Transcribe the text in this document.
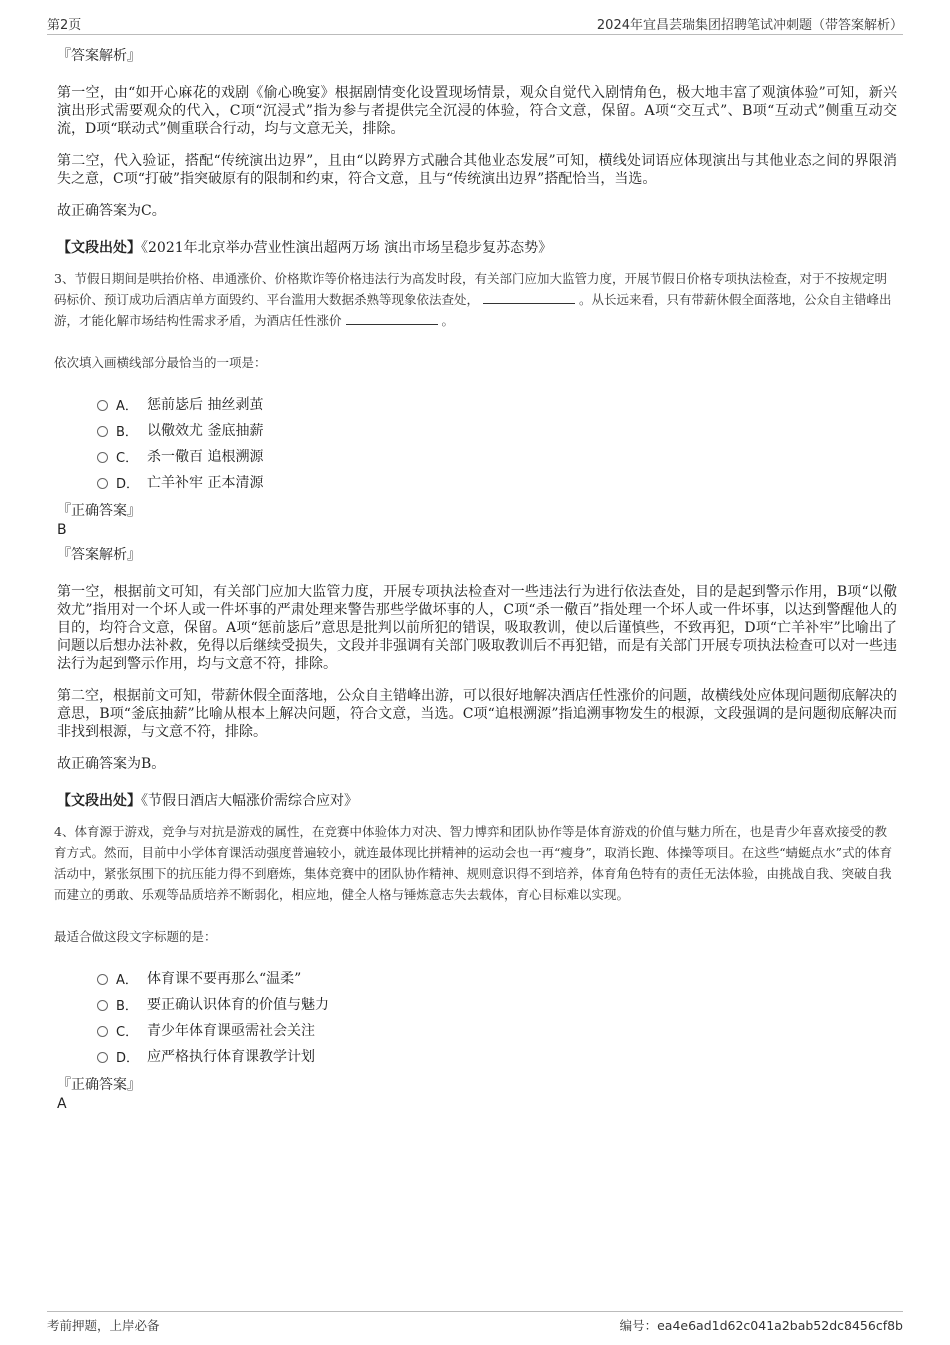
第2页	2024年宜昌芸瑞集团招聘笔试冲刺题（带答案解析）
『答案解析』

第一空，由“如开心麻花的戏剧《偷心晚宴》根据剧情变化设置现场情景，观众自觉代入剧情角色，极大地丰富了观演体验”可知，新兴演出形式需要观众的代入，C项“沉浸式”指为参与者提供完全沉浸的体验，符合文意，保留。A项“交互式”、B项“互动式”侧重互动交流，D项“联动式”侧重联合行动，均与文意无关，排除。

第二空，代入验证，搭配“传统演出边界”，且由“以跨界方式融合其他业态发展”可知，横线处词语应体现演出与其他业态之间的界限消失之意，C项“打破”指突破原有的限制和约束，符合文意，且与“传统演出边界”搭配恰当，当选。

故正确答案为C。

【文段出处】《2021年北京举办营业性演出超两万场 演出市场呈稳步复苏态势》
3、节假日期间是哄抬价格、串通涨价、价格欺诈等价格违法行为高发时段，有关部门应加大监管力度，开展节假日价格专项执法检查，对于不按规定明码标价、预订成功后酒店单方面毁约、平台滥用大数据杀熟等现象依法查处，	。从长远来看，只有带薪休假全面落地，公众自主错峰出游，才能化解市场结构性需求矛盾，为酒店任性涨价	。
依次填入画横线部分最恰当的一项是：
A． 惩前毖后 抽丝剥茧
B． 以儆效尤 釜底抽薪
C． 杀一儆百 追根溯源
D． 亡羊补牢 正本清源
『正确答案』

B

『答案解析』

第一空，根据前文可知，有关部门应加大监管力度，开展专项执法检查对一些违法行为进行依法查处，目的是起到警示作用，B项“以儆效尤”指用对一个坏人或一件坏事的严肃处理来警告那些学做坏事的人，C项“杀一儆百”指处理一个坏人或一件坏事，以达到警醒他人的目的，均符合文意，保留。A项“惩前毖后”意思是批判以前所犯的错误，吸取教训，使以后谨慎些，不致再犯，D项“亡羊补牢”比喻出了问题以后想办法补救，免得以后继续受损失，文段并非强调有关部门吸取教训后不再犯错，而是有关部门开展专项执法检查可以对一些违法行为起到警示作用，均与文意不符，排除。

第二空，根据前文可知，带薪休假全面落地，公众自主错峰出游，可以很好地解决酒店任性涨价的问题，故横线处应体现问题彻底解决的意思，B项“釜底抽薪”比喻从根本上解决问题，符合文意，当选。C项“追根溯源”指追溯事物发生的根源，文段强调的是问题彻底解决而非找到根源，与文意不符，排除。

故正确答案为B。

【文段出处】《节假日酒店大幅涨价需综合应对》
4、体育源于游戏，竞争与对抗是游戏的属性，在竞赛中体验体力对决、智力博弈和团队协作等是体育游戏的价值与魅力所在，也是青少年喜欢接受的教育方式。然而，目前中小学体育课活动强度普遍较小，就连最体现比拼精神的运动会也一再“瘦身”，取消长跑、体操等项目。在这些“蜻蜓点水”式的体育活动中，紧张氛围下的抗压能力得不到磨炼，集体竞赛中的团队协作精神、规则意识得不到培养，体育角色特有的责任无法体验，由挑战自我、突破自我而建立的勇敢、乐观等品质培养不断弱化，相应地，健全人格与锤炼意志失去载体，育心目标难以实现。
最适合做这段文字标题的是：
A． 体育课不要再那么“温柔”
B． 要正确认识体育的价值与魅力
C． 青少年体育课亟需社会关注
D． 应严格执行体育课教学计划
『正确答案』

A

考前押题，上岸必备	编号：ea4e6ad1d62c041a2bab52dc8456cf8b
